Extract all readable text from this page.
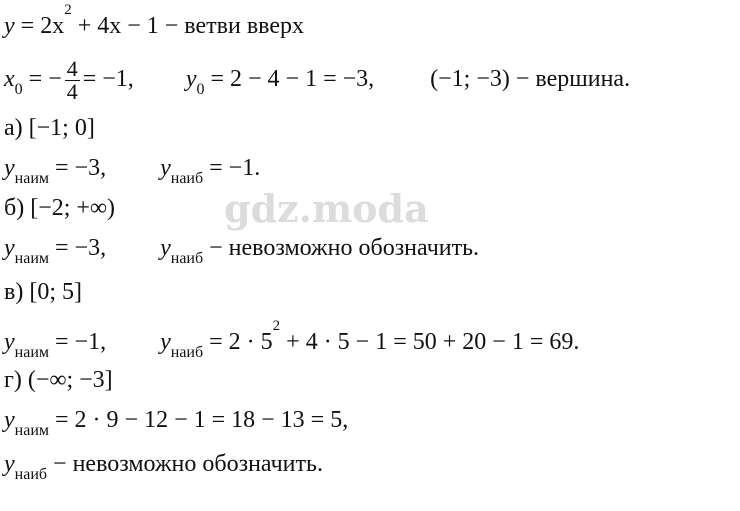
gdz.moda
$y = 2x^2 + 4x - 1$ − ветви вверх
$x_0$ = − $\frac{4}{4} = -1$, $y_0 = 2 - 4 - 1 = -3$, (−1; −3) − вершина.
а) [−1; 0]
$y_{наим} = -3$, $y_{наиб} = -1$.
б) [−2; +∞)
$y_{наим} = -3$, $y_{наиб}$ − невозможно обозначить.
в) [0; 5]
$y_{наим} = -1$, $y_{наиб} = 2 \cdot 5^2 + 4 \cdot 5 - 1 = 50 + 20 - 1 = 69$.
г) (−∞; −3]
$y_{наим} = 2 \cdot 9 - 12 - 1 = 18 - 13 = 5$,
$y_{наиб}$ − невозможно обозначить.
